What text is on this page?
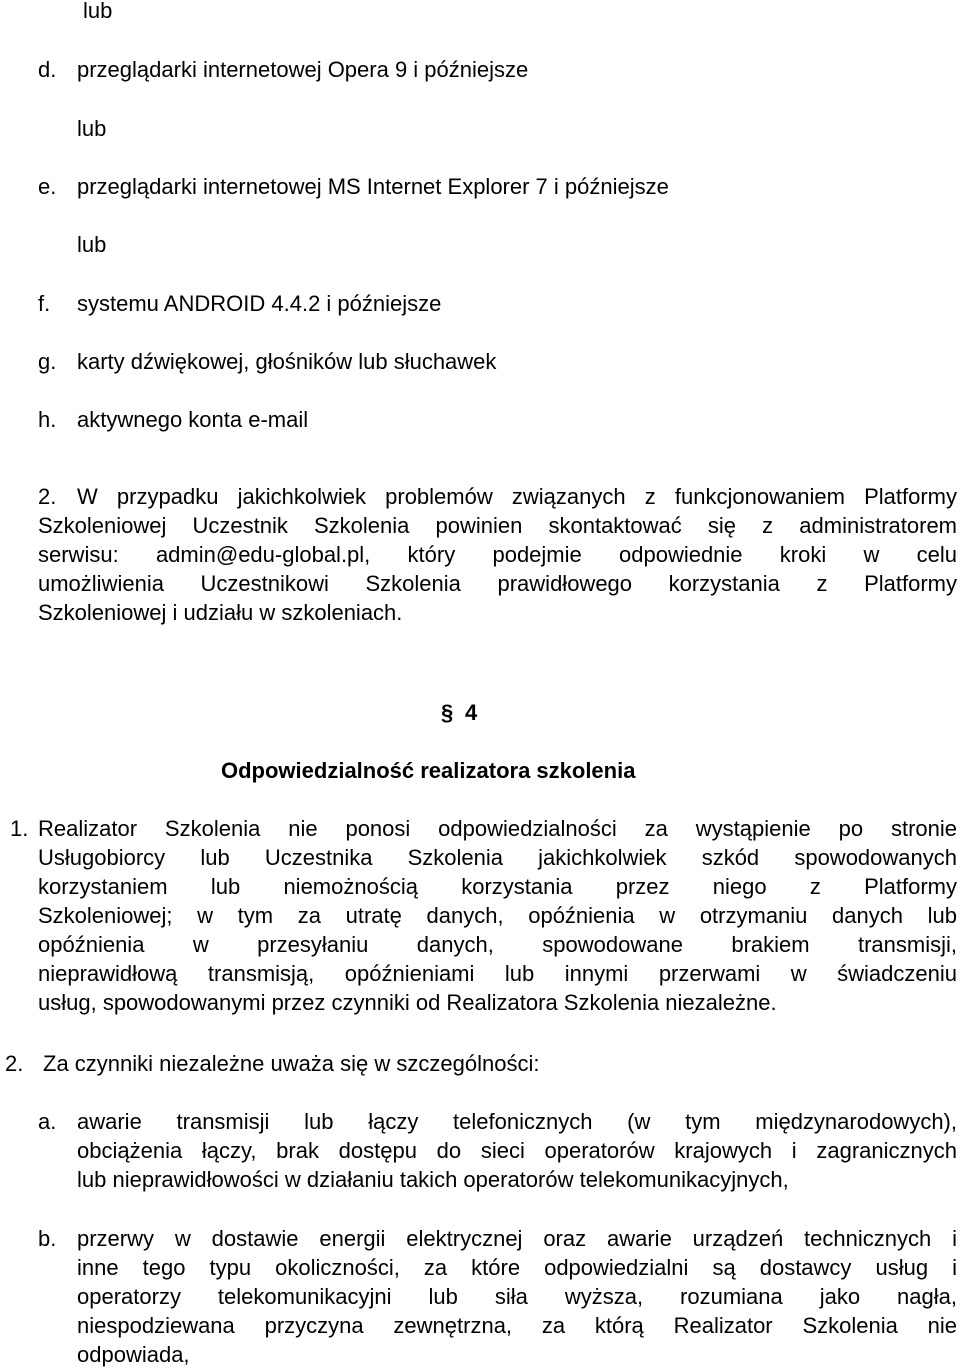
lub
d. przeglądarki internetowej Opera 9 i późniejsze
lub
e. przeglądarki internetowej MS Internet Explorer 7 i późniejsze
lub
f. systemu ANDROID 4.4.2 i późniejsze
g. karty dźwiękowej, głośników lub słuchawek
h. aktywnego konta e-mail
2. W przypadku jakichkolwiek problemów związanych z funkcjonowaniem Platformy
Szkoleniowej Uczestnik Szkolenia powinien skontaktować się z administratorem
serwisu: admin@edu-global.pl, który podejmie odpowiednie kroki w celu
umożliwienia Uczestnikowi Szkolenia prawidłowego korzystania z Platformy
Szkoleniowej i udziału w szkoleniach.
§ 4
Odpowiedzialność realizatora szkolenia
1. Realizator Szkolenia nie ponosi odpowiedzialności za wystąpienie po stronie
Usługobiorcy lub Uczestnika Szkolenia jakichkolwiek szkód spowodowanych
korzystaniem lub niemożnością korzystania przez niego z Platformy
Szkoleniowej; w tym za utratę danych, opóźnienia w otrzymaniu danych lub
opóźnienia w przesyłaniu danych, spowodowane brakiem transmisji,
nieprawidłową transmisją, opóźnieniami lub innymi przerwami w świadczeniu
usług, spowodowanymi przez czynniki od Realizatora Szkolenia niezależne.
2. Za czynniki niezależne uważa się w szczególności:
a. awarie transmisji lub łączy telefonicznych (w tym międzynarodowych),
obciążenia łączy, brak dostępu do sieci operatorów krajowych i zagranicznych
lub nieprawidłowości w działaniu takich operatorów telekomunikacyjnych,
b. przerwy w dostawie energii elektrycznej oraz awarie urządzeń technicznych i
inne tego typu okoliczności, za które odpowiedzialni są dostawcy usług i
operatorzy telekomunikacyjni lub siła wyższa, rozumiana jako nagła,
niespodziewana przyczyna zewnętrzna, za którą Realizator Szkolenia nie
odpowiada,
